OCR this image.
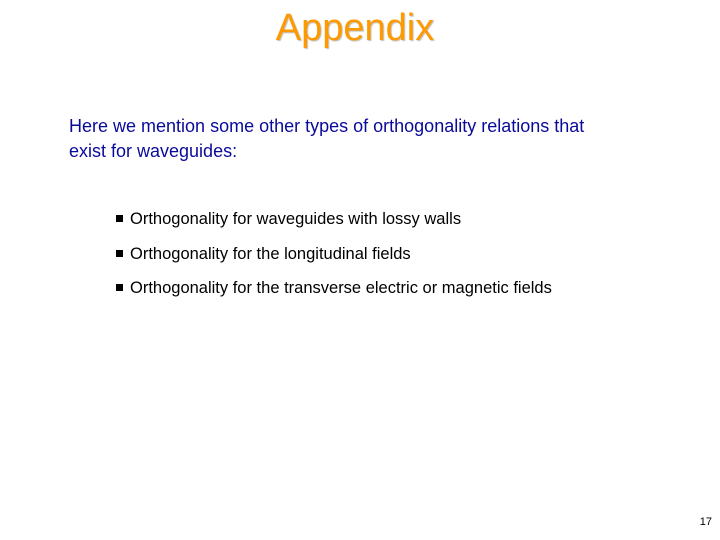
Appendix
Here we mention some other types of orthogonality relations that exist for waveguides:
Orthogonality for waveguides with lossy walls
Orthogonality for the longitudinal fields
Orthogonality for the transverse electric or magnetic fields
17
